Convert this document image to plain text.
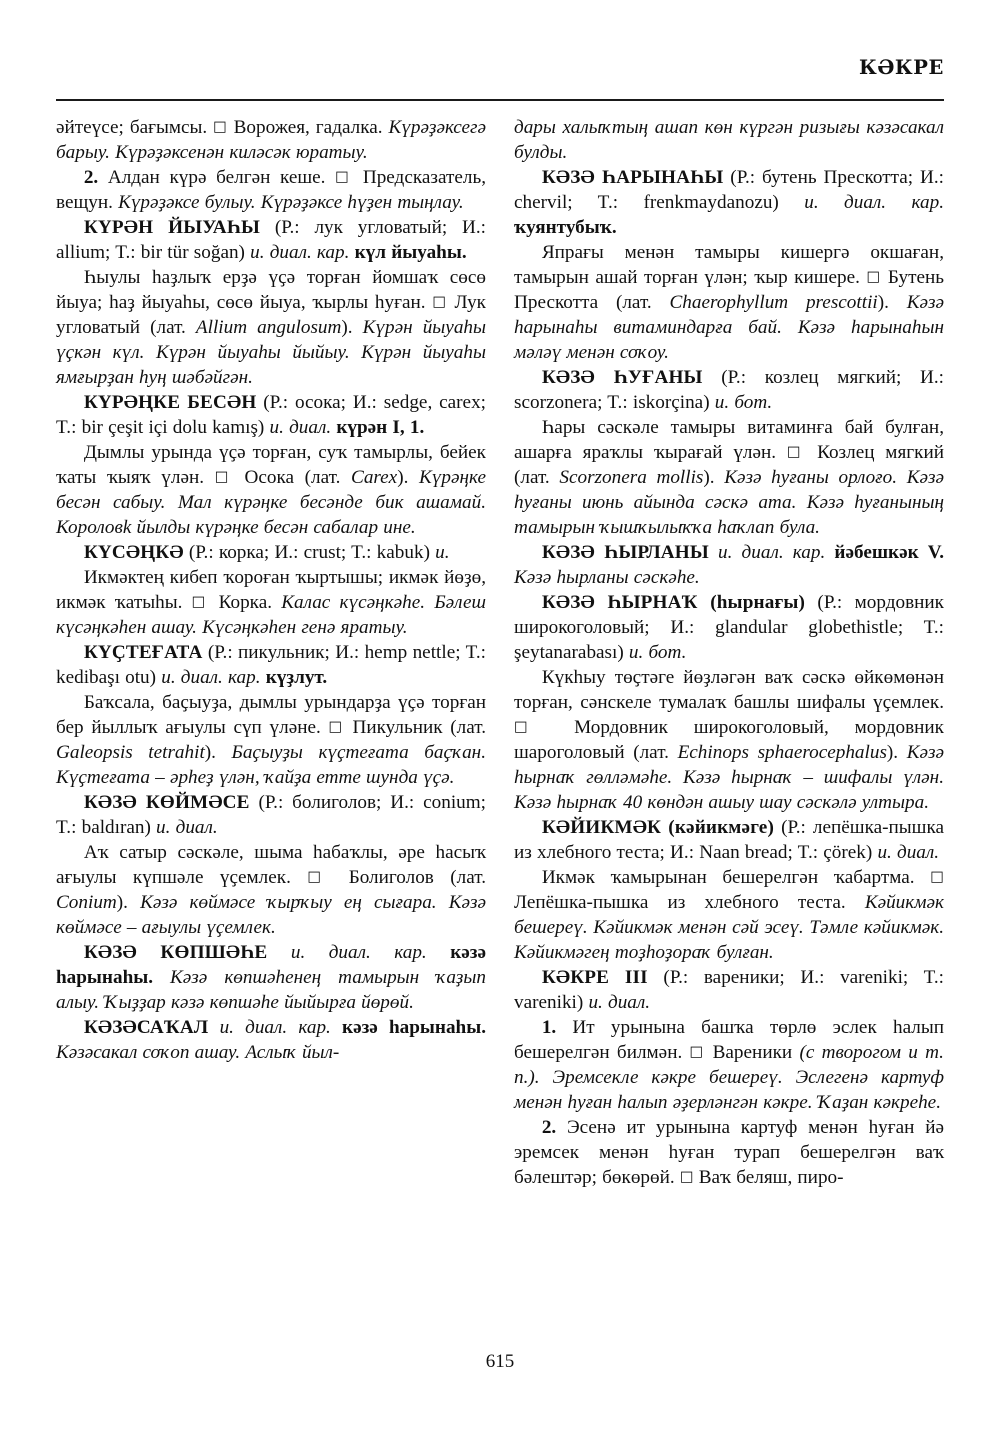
КӘКРЕ

әйтеүсе; бағымсы. □ Ворожея, гадалка. Күрәҙәксегә барыу. Күрәҙәксенән киләсәк юратыу.

2. Алдан күрә белгән кеше. □ Предсказатель, вещун. Күрәҙәксе булыу. Күрәҙәксе һүҙен тыңлау.

КҮРӘН ЙЫУАҺЫ (Р.: лук угловатый; И.: allium; T.: bir tür soğan) и. диал. кар. күл йыуаһы.

Һыулы һаҙлыҡ ерҙә үҫә торған йомшаҡ сөсө йыуа; һаҙ йыуаһы, сөсө йыуа, ҡырлы һуған. □ Лук угловатый (лат. Allium angulosum). Күрән йыуаһы үҫкән күл. Күрән йыуаһы йыйыу. Күрән йыуаһы ямғырҙан һуң шәбәйгән.

КҮРӘҢКЕ БЕСӘН (Р.: осока; И.: sedge, carex; T.: bir çeşit içi dolu kamış) и. диал. күрән I, 1.

Дымлы урында үҫә торған, суҡ тамырлы, бейек ҡаты ҡыяҡ үлән. □ Осока (лат. Carex). Күрәңке бесән сабыу. Мал күрәңке бесәнде бик ашамай. Короловk йылды күрәңке бесән сабалар ине.

КҮСӘҢКӘ (Р.: корка; И.: crust; T.: kabuk) и.

Икмәктең кибеп ҡороған ҡыртышы; икмәк йөҙө, икмәк ҡатыһы. □ Корка. Калас күсәңкәһе. Бәлеш күсәңкәһен ашау. Күсәңкәһен генә яратыу.

КҮҪТЕҒАТА (Р.: пикульник; И.: hemp nettle; T.: kedibaşı otu) и. диал. кар. күҙлут.

Баҡсала, баҫыуҙа, дымлы урындарҙа үҫә торған бер йыллыҡ ағыулы сүп үләне. □ Пикульник (лат. Galeopsis tetrahit). Баҫыуҙы күҫтеғата баҫҡан. Күҫтеғата – әрһеҙ үлән, ҡайҙа етте шунда үҫә.

КӘЗӘ КӨЙМӘСЕ (Р.: болиголов; И.: conium; T.: baldıran) и. диал.

Аҡ сатыр сәскәле, шыма һабаҡлы, әре һасыҡ ағыулы күпшәле үҫемлек. □ Болиголов (лат. Conium). Кәзә көймәсе ҡырҡыу ең сығара. Кәзә көймәсе – ағыулы үҫемлек.

КӘЗӘ КӨПШӘҺЕ и. диал. кар. кәзә һарынаһы. Кәзә көпшәһенең тамырын ҡаҙып алыу. Ҡыҙҙар кәзә көпшәһе йыйырға йөрөй.

КӘЗӘСАҠАЛ и. диал. кар. кәзә һарынаһы. Кәзәсакал соҡоп ашау. Аслыҡ йыл-

дары халыҡтың ашап көн күргән ризығы кәзәсакал булды.

КӘЗӘ ҺАРЫНАҺЫ (Р.: бутень Прескотта; И.: chervil; T.: frenkmaydanozu) и. диал. кар. ҡуянтубыҡ.

Япрағы менән тамыры кишергә окшаған, тамырын ашай торған үлән; ҡыр кишере. □ Бутень Прескотта (лат. Chaerophyllum prescottii). Кәзә һарынаһы витаминдарға бай. Кәзә һарынаһын мәләү менән соҡоу.

КӘЗӘ ҺУҒАНЫ (Р.: козлец мягкий; И.: scorzonera; T.: iskorçina) и. бот.

Һары сәскәле тамыры витаминға бай булған, ашарға яраҡлы ҡырағай үлән. □ Козлец мягкий (лат. Scorzonera mollis). Кәзә һуғаны орлоғо. Кәзә һуғаны июнь айында сәскә ата. Кәзә һуғанының тамырын ҡышҡылыҡҡа һаҡлап була.

КӘЗӘ ҺЫРЛАНЫ и. диал. кар. йәбешкәк V. Кәзә һырланы сәскәһе.

КӘЗӘ ҺЫРНАҠ (һырнағы) (Р.: мордовник широкоголовый; И.: glandular globethistle; T.: şeytanarabası) и. бот.

Күкһыу төҫтәге йөҙләгән ваҡ сәскә өйкөмөнән торған, сәнскеле тумалаҡ башлы шифалы үҫемлек. □ Мордовник широкоголовый, мордовник шароголовый (лат. Echinops sphaerocephalus). Кәзә һырнаҡ гөлләмәһе. Кәзә һырнаҡ – шифалы үлән. Кәзә һырнаҡ 40 көндән ашыу шау сәскәлә ултыра.

КӘЙИКМӘК (кәйикмәге) (Р.: лепёшка-пышка из хлебного теста; И.: Naan bread; T.: çörek) и. диал.

Икмәк ҡамырынан бешерелгән ҡабартма. □ Лепёшка-пышка из хлебного теста. Кәйикмәк бешереү. Кәйикмәк менән сәй эсеү. Тәмле кәйикмәк. Кәйикмәгең тоҙһоҙораҡ булған.

КӘКРЕ III (Р.: вареники; И.: vareniki; T.: vareniki) и. диал.

1. Ит урынына башҡа төрлө эслек һалып бешерелгән билмән. □ Вареники (с творогом и т. п.). Эремсекле кәкре бешереү. Эслегенә картуф менән һуған һалып әҙерләнгән кәкре. Ҡаҙан кәкреһе.

2. Эсенә ит урынына картуф менән һуған йә эремсек менән һуған турап бешерелгән ваҡ бәлештәр; бөкөрөй. □ Ваҡ беляш, пиро-

615
